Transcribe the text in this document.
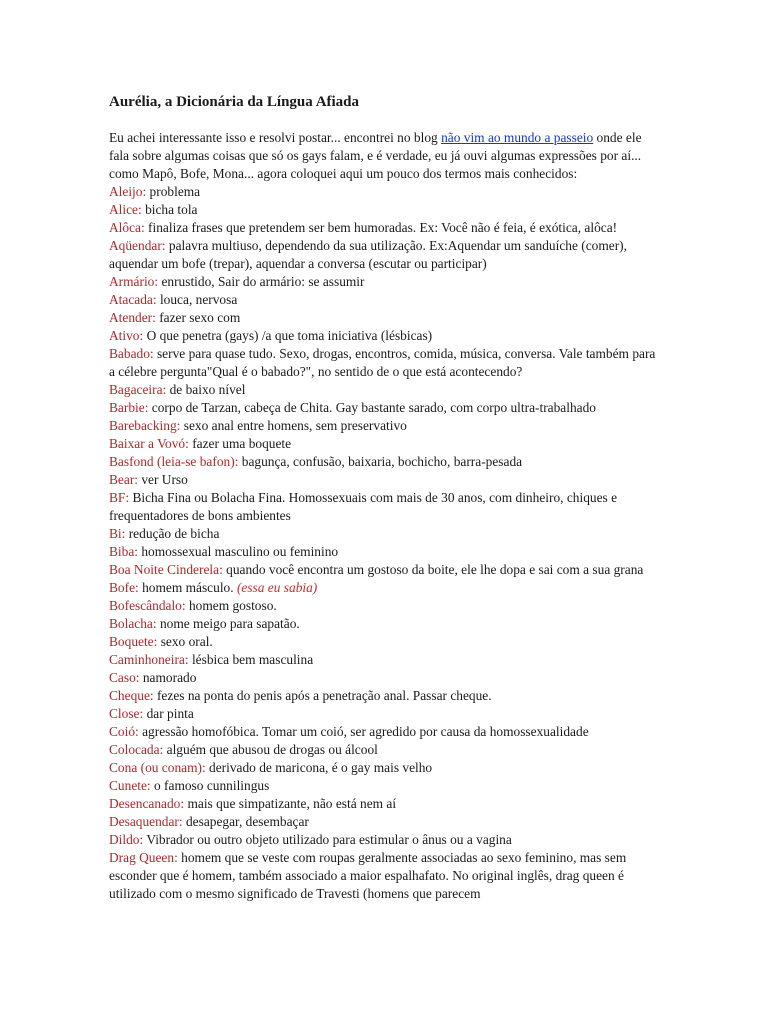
Aurélia, a Dicionária da Língua Afiada

Eu achei interessante isso e resolvi postar... encontrei no blog não vim ao mundo a passeio onde ele fala sobre algumas coisas que só os gays falam, e é verdade, eu já ouvi algumas expressões por aí... como Mapô, Bofe, Mona... agora coloquei aqui um pouco dos termos mais conhecidos:

Aleijo: problema

Alice: bicha tola

Alôca: finaliza frases que pretendem ser bem humoradas. Ex: Você não é feia, é exótica, alôca!

Aqüendar: palavra multiuso, dependendo da sua utilização. Ex:Aquendar um sanduíche (comer), aquendar um bofe (trepar), aquendar a conversa (escutar ou participar)

Armário: enrustido, Sair do armário: se assumir

Atacada: louca, nervosa

Atender: fazer sexo com

Ativo: O que penetra (gays) /a que toma iniciativa (lésbicas)

Babado: serve para quase tudo. Sexo, drogas, encontros, comida, música, conversa. Vale também para a célebre pergunta"Qual é o babado?", no sentido de o que está acontecendo?

Bagaceira: de baixo nível

Barbie: corpo de Tarzan, cabeça de Chita. Gay bastante sarado, com corpo ultra-trabalhado

Barebacking: sexo anal entre homens, sem preservativo

Baixar a Vovó: fazer uma boquete

Basfond (leia-se bafon): bagunça, confusão, baixaria, bochicho, barra-pesada

Bear: ver Urso

BF: Bicha Fina ou Bolacha Fina. Homossexuais com mais de 30 anos, com dinheiro, chiques e frequentadores de bons ambientes

Bi: redução de bicha

Biba: homossexual masculino ou feminino

Boa Noite Cinderela: quando você encontra um gostoso da boite, ele lhe dopa e sai com a sua grana

Bofe: homem másculo. (essa eu sabia)

Bofescândalo: homem gostoso.

Bolacha: nome meigo para sapatão.

Boquete: sexo oral.

Caminhoneira: lésbica bem masculina

Caso: namorado

Cheque: fezes na ponta do penis após a penetração anal. Passar cheque.

Close: dar pinta

Coió: agressão homofóbica. Tomar um coió, ser agredido por causa da homossexualidade

Colocada: alguém que abusou de drogas ou álcool

Cona (ou conam): derivado de maricona, é o gay mais velho

Cunete: o famoso cunnilingus

Desencanado: mais que simpatizante, não está nem aí

Desaquendar: desapegar, desembaçar

Dildo: Vibrador ou outro objeto utilizado para estimular o ânus ou a vagina

Drag Queen: homem que se veste com roupas geralmente associadas ao sexo feminino, mas sem esconder que é homem, também associado a maior espalhafato. No original inglês, drag queen é utilizado com o mesmo significado de Travesti (homens que parecem
